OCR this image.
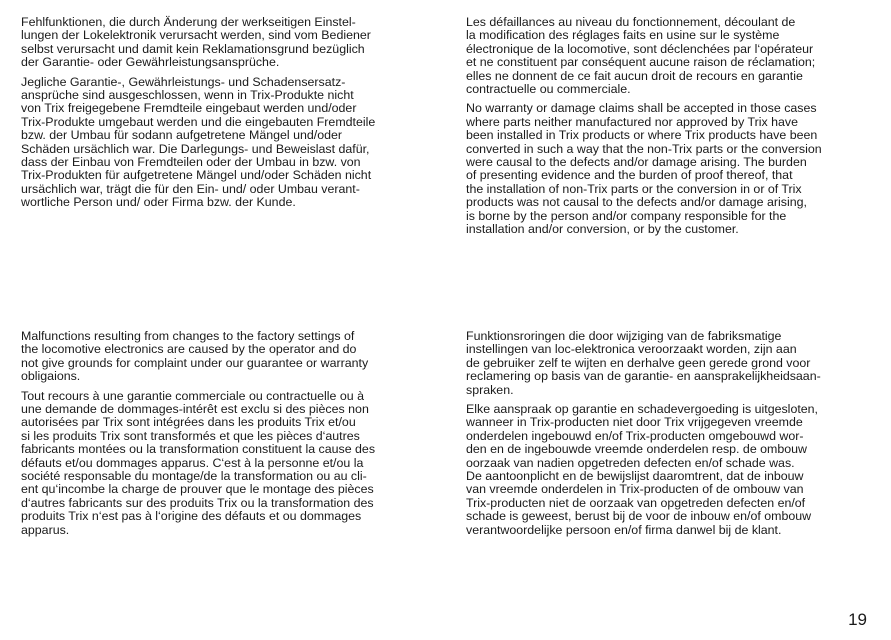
Fehlfunktionen, die durch Änderung der werkseitigen Einstel-
lungen der Lokelektronik verursacht werden, sind vom Bediener
selbst verursacht und damit kein Reklamationsgrund bezüglich
der Garantie- oder Gewährleistungsansprüche.

Jegliche Garantie-, Gewährleistungs- und Schadensersatz-
ansprüche sind ausgeschlossen, wenn in Trix-Produkte nicht
von Trix freigegebene Fremdteile eingebaut werden und/oder
Trix-Produkte umgebaut werden und die eingebauten Fremdteile
bzw. der Umbau für sodann aufgetretene Mängel und/oder
Schäden ursächlich war. Die Darlegungs- und Beweislast dafür,
dass der Einbau von Fremdteilen oder der Umbau in bzw. von
Trix-Produkten für aufgetretene Mängel und/oder Schäden nicht
ursächlich war, trägt die für den Ein- und/ oder Umbau verant-
wortliche Person und/ oder Firma bzw. der Kunde.

Les défaillances au niveau du fonctionnement, découlant de
la modification des réglages faits en usine sur le système
électronique de la locomotive, sont déclenchées par l‘opérateur
et ne constituent par conséquent aucune raison de réclamation;
elles ne donnent de ce fait aucun droit de recours en garantie
contractuelle ou commerciale.

No warranty or damage claims shall be accepted in those cases
where parts neither manufactured nor approved by Trix have
been installed in Trix products or where Trix products have been
converted in such a way that the non-Trix parts or the conversion
were causal to the defects and/or damage arising. The burden
of presenting evidence and the burden of proof thereof, that
the installation of non-Trix parts or the conversion in or of Trix
products was not causal to the defects and/or damage arising,
is borne by the person and/or company responsible for the
installation and/or conversion, or by the customer.

Malfunctions resulting from changes to the factory settings of
the locomotive electronics are caused by the operator and do
not give grounds for complaint under our guarantee or warranty
obligaions.

Tout recours à une garantie commerciale ou contractuelle ou à
une demande de dommages-intérêt est exclu si des pièces non
autorisées par Trix sont intégrées dans les produits Trix et/ou
si les produits Trix sont transformés et que les pièces d‘autres
fabricants montées ou la transformation constituent la cause des
défauts et/ou dommages apparus. C‘est à la personne et/ou la
société responsable du montage/de la transformation ou au cli-
ent qu‘incombe la charge de prouver que le montage des pièces
d‘autres fabricants sur des produits Trix ou la transformation des
produits Trix n‘est pas à l‘origine des défauts et ou dommages
apparus.

Funktionsroringen die door wijziging van de fabriksmatige
instellingen van loc-elektronica veroorzaakt worden, zijn aan
de gebruiker zelf te wijten en derhalve geen gerede grond voor
reclamering op basis van de garantie- en aansprakelijkheidsaan-
spraken.

Elke aanspraak op garantie en schadevergoeding is uitgesloten,
wanneer in Trix-producten niet door Trix vrijgegeven vreemde
onderdelen ingebouwd en/of Trix-producten omgebouwd wor-
den en de ingebouwde vreemde onderdelen resp. de ombouw
oorzaak van nadien opgetreden defecten en/of schade was.
De aantoonplicht en de bewijslijst daaromtrent, dat de inbouw
van vreemde onderdelen in Trix-producten of de ombouw van
Trix-producten niet de oorzaak van opgetreden defecten en/of
schade is geweest, berust bij de voor de inbouw en/of ombouw
verantwoordelijke persoon en/of firma danwel bij de klant.

19
